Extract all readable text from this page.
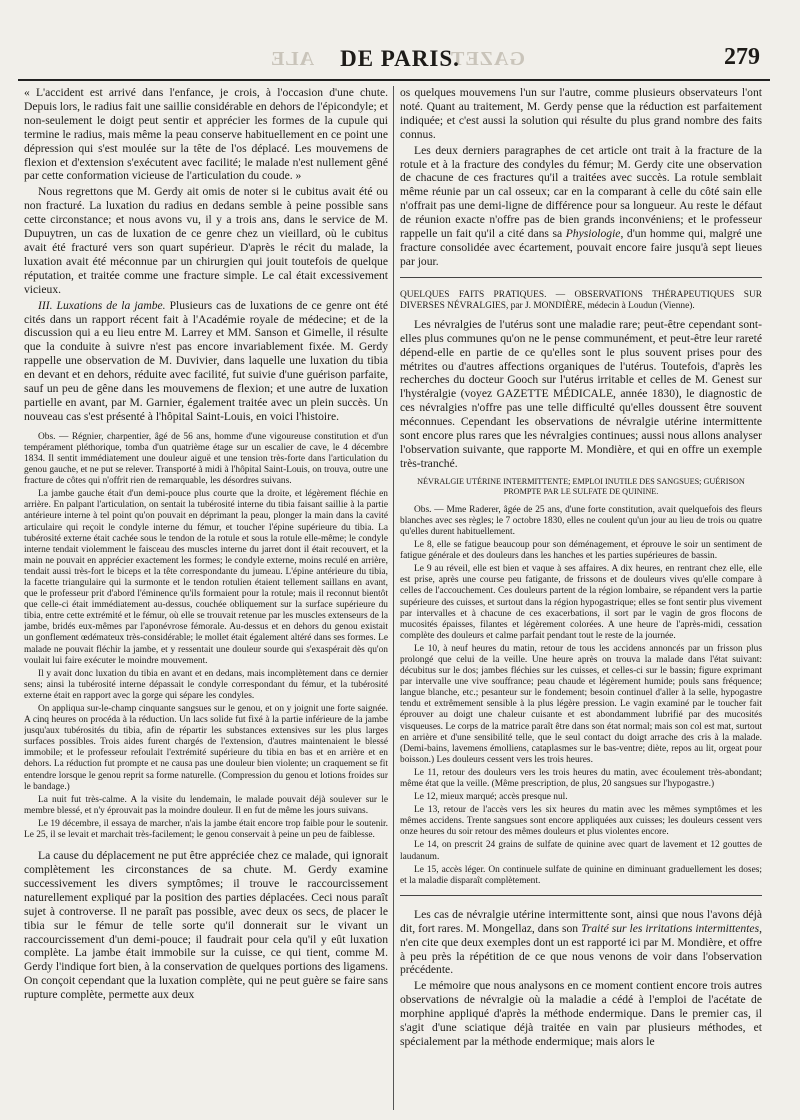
ALE	GAZET
DE PARIS.	279

« L'accident est arrivé dans l'enfance, je crois, à l'occasion d'une chute. Depuis lors, le radius fait une saillie considérable en dehors de l'épicondyle; et non-seulement le doigt peut sentir et apprécier les formes de la cupule qui termine le radius, mais même la peau conserve habituellement en ce point une dépression qui s'est moulée sur la tête de l'os déplacé. Les mouvemens de flexion et d'extension s'exécutent avec facilité; le malade n'est nullement gêné par cette conformation vicieuse de l'articulation du coude. »

Nous regrettons que M. Gerdy ait omis de noter si le cubitus avait été ou non fracturé. La luxation du radius en dedans semble à peine possible sans cette circonstance; et nous avons vu, il y a trois ans, dans le service de M. Dupuytren, un cas de luxation de ce genre chez un vieillard, où le cubitus avait été fracturé vers son quart supérieur. D'après le récit du malade, la luxation avait été méconnue par un chirurgien qui jouit toutefois de quelque réputation, et traitée comme une fracture simple. Le cal était excessivement vicieux.

III. Luxations de la jambe. Plusieurs cas de luxations de ce genre ont été cités dans un rapport récent fait à l'Académie royale de médecine; et de la discussion qui a eu lieu entre M. Larrey et MM. Sanson et Gimelle, il résulte que la conduite à suivre n'est pas encore invariablement fixée. M. Gerdy rappelle une observation de M. Duvivier, dans laquelle une luxation du tibia en devant et en dehors, réduite avec facilité, fut suivie d'une guérison parfaite, sauf un peu de gêne dans les mouvemens de flexion; et une autre de luxation partielle en avant, par M. Garnier, également traitée avec un plein succès. Un nouveau cas s'est présenté à l'hôpital Saint-Louis, en voici l'histoire.

Obs. — Régnier, charpentier, âgé de 56 ans, homme d'une vigoureuse constitution et d'un tempérament pléthorique, tomba d'un quatrième étage sur un escalier de cave, le 4 décembre 1834. Il sentit immédiatement une douleur aiguë et une tension très-forte dans l'articulation du genou gauche, et ne put se relever. Transporté à midi à l'hôpital Saint-Louis, on trouva, outre une fracture de côtes qui n'offrit rien de remarquable, les désordres suivans.

La jambe gauche était d'un demi-pouce plus courte que la droite, et légèrement fléchie en arrière. En palpant l'articulation, on sentait la tubérosité interne du tibia faisant saillie à la partie antérieure interne à tel point qu'on pouvait en déprimant la peau, plonger la main dans la cavité articulaire qui reçoit le condyle interne du fémur, et toucher l'épine supérieure du tibia. La tubérosité externe était cachée sous le tendon de la rotule et sous la rotule elle-même; le condyle interne tendait violemment le faisceau des muscles interne du jarret dont il était recouvert, et la main ne pouvait en apprécier exactement les formes; le condyle externe, moins reculé en arrière, tendait aussi très-fort le biceps et la tête correspondante du jumeau. L'épine antérieure du tibia, la facette triangulaire qui la surmonte et le tendon rotulien étaient tellement saillans en avant, que le professeur prit d'abord l'éminence qu'ils formaient pour la rotule; mais il reconnut bientôt que celle-ci était immédiatement au-dessus, couchée obliquement sur la surface supérieure du tibia, entre cette extrémité et le fémur, où elle se trouvait retenue par les muscles extenseurs de la jambe, bridés eux-mêmes par l'aponévrose fémorale. Au-dessus et en dehors du genou existait un gonflement œdémateux très-considérable; le mollet était également altéré dans ses formes. Le malade ne pouvait fléchir la jambe, et y ressentait une douleur sourde qui s'exaspérait dès qu'on voulait lui faire exécuter le moindre mouvement.

Il y avait donc luxation du tibia en avant et en dedans, mais incomplètement dans ce dernier sens; ainsi la tubérosité interne dépassait le condyle correspondant du fémur, et la tubérosité externe était en rapport avec la gorge qui sépare les condyles.

On appliqua sur-le-champ cinquante sangsues sur le genou, et on y joignit une forte saignée. A cinq heures on procéda à la réduction. Un lacs solide fut fixé à la partie inférieure de la jambe jusqu'aux tubérosités du tibia, afin de répartir les substances extensives sur les plus larges surfaces possibles. Trois aides furent chargés de l'extension, d'autres maintenaient le blessé immobile; et le professeur refoulait l'extrémité supérieure du tibia en bas et en arrière et en dehors. La réduction fut prompte et ne causa pas une douleur bien violente; un craquement se fit entendre lorsque le genou reprit sa forme naturelle. (Compression du genou et lotions froides sur le bandage.)

La nuit fut très-calme. A la visite du lendemain, le malade pouvait déjà soulever sur le membre blessé, et n'y éprouvait pas la moindre douleur. Il en fut de même les jours suivans.

Le 19 décembre, il essaya de marcher, n'ais la jambe était encore trop faible pour le soutenir. Le 25, il se levait et marchait très-facilement; le genou conservait à peine un peu de faiblesse.

La cause du déplacement ne put être appréciée chez ce malade, qui ignorait complètement les circonstances de sa chute. M. Gerdy examine successivement les divers symptômes; il trouve le raccourcissement naturellement expliqué par la position des parties déplacées. Ceci nous paraît sujet à controverse. Il ne paraît pas possible, avec deux os secs, de placer le tibia sur le fémur de telle sorte qu'il donnerait sur le vivant un raccourcissement d'un demi-pouce; il faudrait pour cela qu'il y eût luxation complète. La jambe était immobile sur la cuisse, ce qui tient, comme M. Gerdy l'indique fort bien, à la conservation de quelques portions des ligamens. On conçoit cependant que la luxation complète, qui ne peut guère se faire sans rupture complète, permette aux deux

os quelques mouvemens l'un sur l'autre, comme plusieurs observateurs l'ont noté. Quant au traitement, M. Gerdy pense que la réduction est parfaitement indiquée; et c'est aussi la solution qui résulte du plus grand nombre des faits connus.

Les deux derniers paragraphes de cet article ont trait à la fracture de la rotule et à la fracture des condyles du fémur; M. Gerdy cite une observation de chacune de ces fractures qu'il a traitées avec succès. La rotule semblait même réunie par un cal osseux; car en la comparant à celle du côté sain elle n'offrait pas une demi-ligne de différence pour sa longueur. Au reste le défaut de réunion exacte n'offre pas de bien grands inconvéniens; et le professeur rappelle un fait qu'il a cité dans sa Physiologie, d'un homme qui, malgré une fracture consolidée avec écartement, pouvait encore faire jusqu'à sept lieues par jour.

QUELQUES FAITS PRATIQUES. — OBSERVATIONS THÉRAPEUTIQUES SUR DIVERSES NÉVRALGIES, par J. MONDIÈRE, médecin à Loudun (Vienne).

Les névralgies de l'utérus sont une maladie rare; peut-être cependant sont-elles plus communes qu'on ne le pense communément, et peut-être leur rareté dépend-elle en partie de ce qu'elles sont le plus souvent prises pour des métrites ou d'autres affections organiques de l'utérus. Toutefois, d'après les recherches du docteur Gooch sur l'utérus irritable et celles de M. Genest sur l'hystéralgie (voyez GAZETTE MÉDICALE, année 1830), le diagnostic de ces névralgies n'offre pas une telle difficulté qu'elles doussent être souvent méconnues. Cependant les observations de névralgie utérine intermittente sont encore plus rares que les névralgies continues; aussi nous allons analyser l'observation suivante, que rapporte M. Mondière, et qui en offre un exemple très-tranché.

NÉVRALGIE UTÉRINE INTERMITTENTE; EMPLOI INUTILE DES SANGSUES; GUÉRISON PROMPTE PAR LE SULFATE DE QUININE.

Obs. — Mme Raderer, âgée de 25 ans, d'une forte constitution, avait quelquefois des fleurs blanches avec ses règles; le 7 octobre 1830, elles ne coulent qu'un jour au lieu de trois ou quatre qu'elles durent habituellement.

Le 8, elle se fatigue beaucoup pour son déménagement, et éprouve le soir un sentiment de fatigue générale et des douleurs dans les hanches et les parties supérieures de bassin.

Le 9 au réveil, elle est bien et vaque à ses affaires. A dix heures, en rentrant chez elle, elle est prise, après une course peu fatigante, de frissons et de douleurs vives qu'elle compare à celles de l'accouchement. Ces douleurs partent de la région lombaire, se répandent vers la partie supérieure des cuisses, et surtout dans la région hypogastrique; elles se font sentir plus vivement par intervalles et à chacune de ces exacerbations, il sort par le vagin de gros flocons de mucosités épaisses, filantes et légèrement colorées. A une heure de l'après-midi, cessation complète des douleurs et calme parfait pendant tout le reste de la journée.

Le 10, à neuf heures du matin, retour de tous les accidens annoncés par un frisson plus prolongé que celui de la veille. Une heure après on trouva la malade dans l'état suivant: décubitus sur le dos; jambes fléchies sur les cuisses, et celles-ci sur le bassin; figure exprimant par intervalle une vive souffrance; peau chaude et légèrement humide; pouls sans fréquence; langue blanche, etc.; pesanteur sur le fondement; besoin continuel d'aller à la selle, hypogastre tendu et extrêmement sensible à la plus légère pression. Le vagin examiné par le toucher fait éprouver au doigt une chaleur cuisante et est abondamment lubrifié par des mucosités visqueuses. Le corps de la matrice paraît être dans son état normal; mais son col est mat, surtout en arrière et d'une sensibilité telle, que le seul contact du doigt arrache des cris à la malade. (Demi-bains, lavemens émolliens, cataplasmes sur le bas-ventre; diète, repos au lit, orgeat pour boisson.) Les douleurs cessent vers les trois heures.

Le 11, retour des douleurs vers les trois heures du matin, avec écoulement très-abondant; même état que la veille. (Même prescription, de plus, 20 sangsues sur l'hypogastre.)

Le 12, mieux marqué; accès presque nul.

Le 13, retour de l'accès vers les six heures du matin avec les mêmes symptômes et les mêmes accidens. Trente sangsues sont encore appliquées aux cuisses; les douleurs cessent vers onze heures du soir retour des mêmes douleurs et plus violentes encore.

Le 14, on prescrit 24 grains de sulfate de quinine avec quart de lavement et 12 gouttes de laudanum.

Le 15, accès léger. On continuele sulfate de quinine en diminuant graduellement les doses; et la maladie disparaît complètement.

Les cas de névralgie utérine intermittente sont, ainsi que nous l'avons déjà dit, fort rares. M. Mongellaz, dans son Traité sur les irritations intermittentes, n'en cite que deux exemples dont un est rapporté ici par M. Mondière, et offre à peu près la répétition de ce que nous venons de voir dans l'observation précédente.

Le mémoire que nous analysons en ce moment contient encore trois autres observations de névralgie où la maladie a cédé à l'emploi de l'acétate de morphine appliqué d'après la méthode endermique. Dans le premier cas, il s'agit d'une sciatique déjà traitée en vain par plusieurs méthodes, et spécialement par la méthode endermique; mais alors le
